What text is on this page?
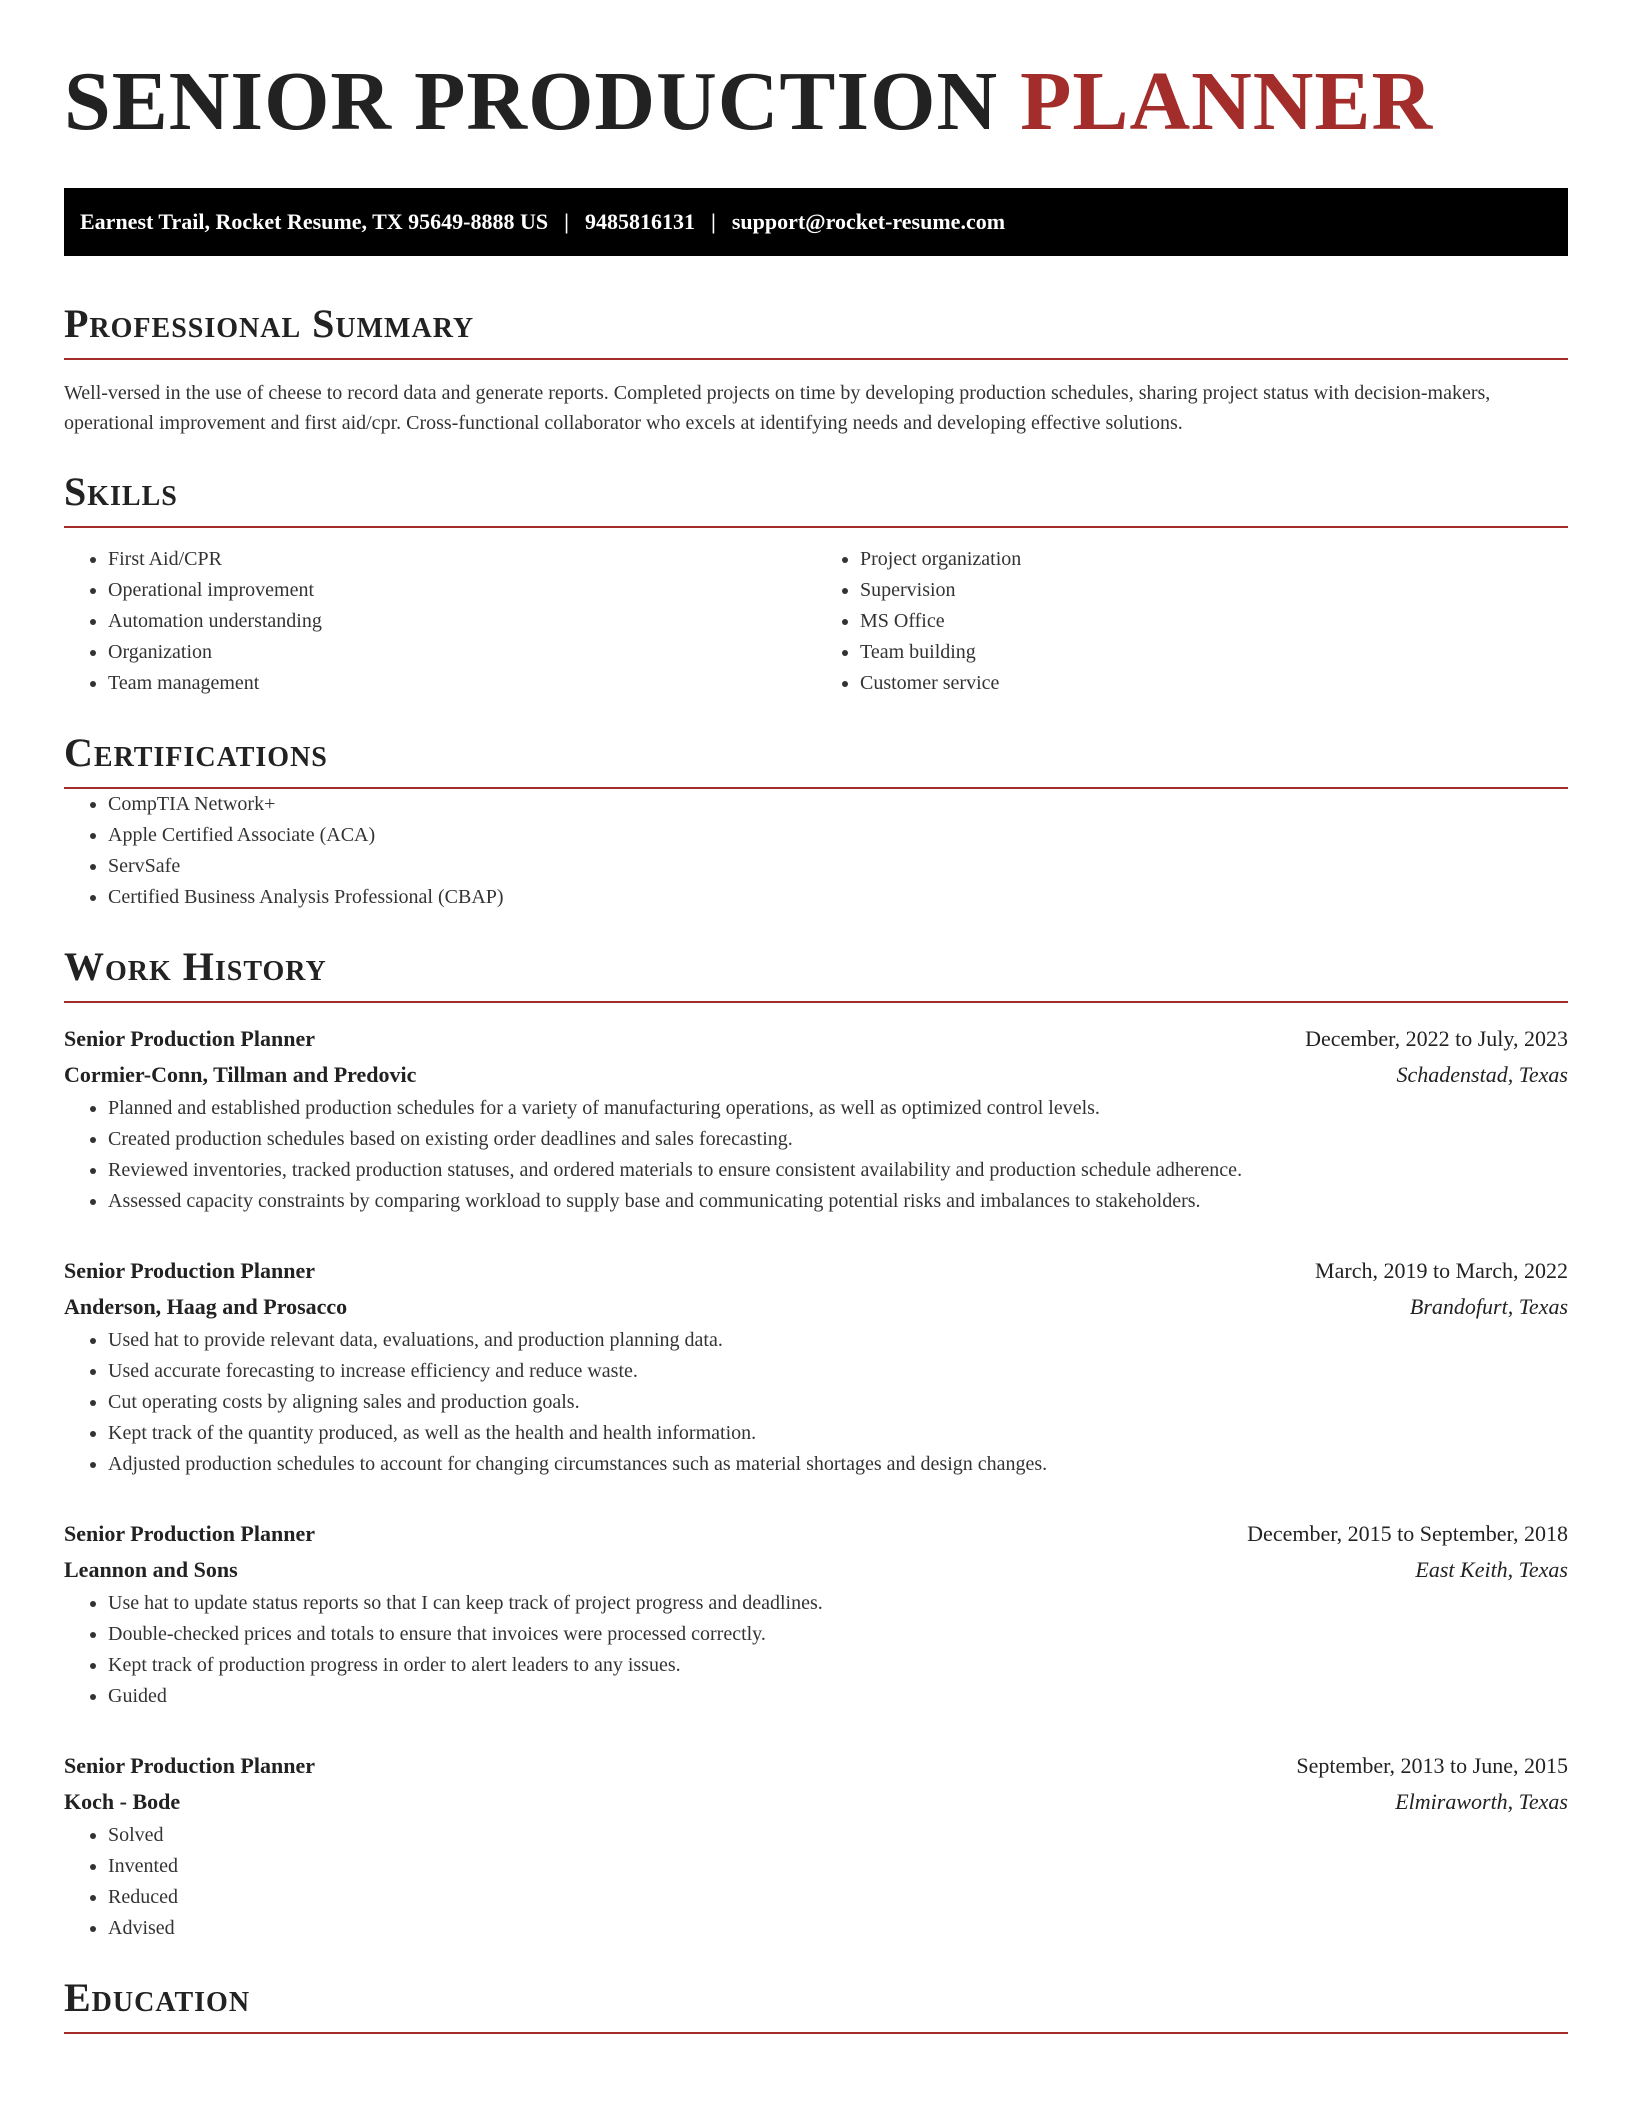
SENIOR PRODUCTION PLANNER
Earnest Trail, Rocket Resume, TX 95649-8888 US | 9485816131 | support@rocket-resume.com
Professional Summary

Well-versed in the use of cheese to record data and generate reports. Completed projects on time by developing production schedules, sharing project status with decision-makers, operational improvement and first aid/cpr. Cross-functional collaborator who excels at identifying needs and developing effective solutions.

Skills
• First Aid/CPR
• Operational improvement
• Automation understanding
• Organization
• Team management
• Project organization
• Supervision
• MS Office
• Team building
• Customer service
Certifications
• CompTIA Network+
• Apple Certified Associate (ACA)
• ServSafe
• Certified Business Analysis Professional (CBAP)
Work History
Senior Production Planner	December, 2022 to July, 2023
Cormier-Conn, Tillman and Predovic	Schadenstad, Texas
• Planned and established production schedules for a variety of manufacturing operations, as well as optimized control levels.
• Created production schedules based on existing order deadlines and sales forecasting.
• Reviewed inventories, tracked production statuses, and ordered materials to ensure consistent availability and production schedule adherence.
• Assessed capacity constraints by comparing workload to supply base and communicating potential risks and imbalances to stakeholders.
Senior Production Planner	March, 2019 to March, 2022
Anderson, Haag and Prosacco	Brandofurt, Texas
• Used hat to provide relevant data, evaluations, and production planning data.
• Used accurate forecasting to increase efficiency and reduce waste.
• Cut operating costs by aligning sales and production goals.
• Kept track of the quantity produced, as well as the health and health information.
• Adjusted production schedules to account for changing circumstances such as material shortages and design changes.
Senior Production Planner	December, 2015 to September, 2018
Leannon and Sons	East Keith, Texas
• Use hat to update status reports so that I can keep track of project progress and deadlines.
• Double-checked prices and totals to ensure that invoices were processed correctly.
• Kept track of production progress in order to alert leaders to any issues.
• Guided
Senior Production Planner	September, 2013 to June, 2015
Koch - Bode	Elmiraworth, Texas
• Solved
• Invented
• Reduced
• Advised
Education
